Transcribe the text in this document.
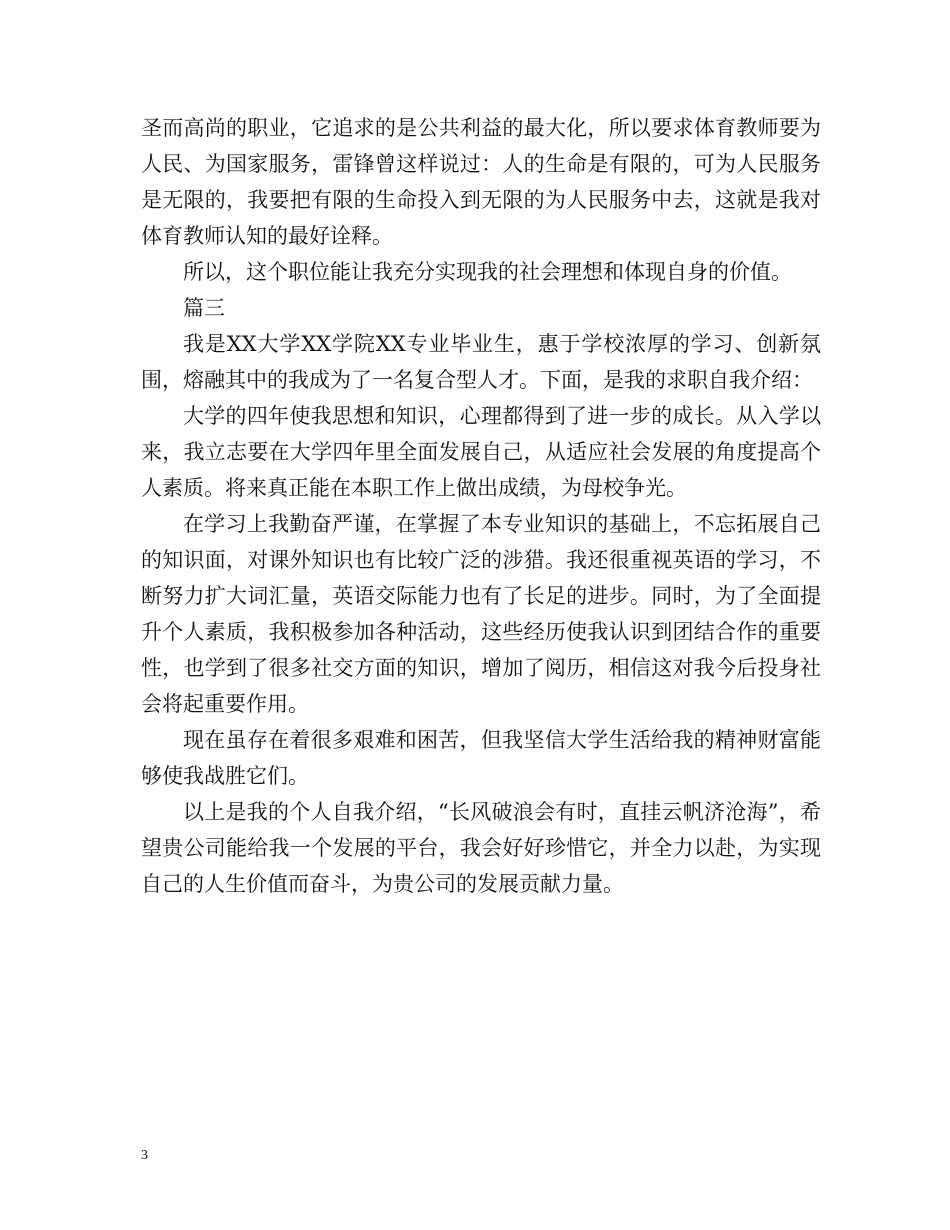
圣而高尚的职业，它追求的是公共利益的最大化，所以要求体育教师要为人民、为国家服务，雷锋曾这样说过：人的生命是有限的，可为人民服务是无限的，我要把有限的生命投入到无限的为人民服务中去，这就是我对体育教师认知的最好诠释。

所以，这个职位能让我充分实现我的社会理想和体现自身的价值。

篇三

我是XX大学XX学院XX专业毕业生，惠于学校浓厚的学习、创新氛围，熔融其中的我成为了一名复合型人才。下面，是我的求职自我介绍：

大学的四年使我思想和知识，心理都得到了进一步的成长。从入学以来，我立志要在大学四年里全面发展自己，从适应社会发展的角度提高个人素质。将来真正能在本职工作上做出成绩，为母校争光。

在学习上我勤奋严谨，在掌握了本专业知识的基础上，不忘拓展自己的知识面，对课外知识也有比较广泛的涉猎。我还很重视英语的学习，不断努力扩大词汇量，英语交际能力也有了长足的进步。同时，为了全面提升个人素质，我积极参加各种活动，这些经历使我认识到团结合作的重要性，也学到了很多社交方面的知识，增加了阅历，相信这对我今后投身社会将起重要作用。

现在虽存在着很多艰难和困苦，但我坚信大学生活给我的精神财富能够使我战胜它们。

以上是我的个人自我介绍，“长风破浪会有时，直挂云帆济沧海”，希望贵公司能给我一个发展的平台，我会好好珍惜它，并全力以赴，为实现自己的人生价值而奋斗，为贵公司的发展贡献力量。

3
